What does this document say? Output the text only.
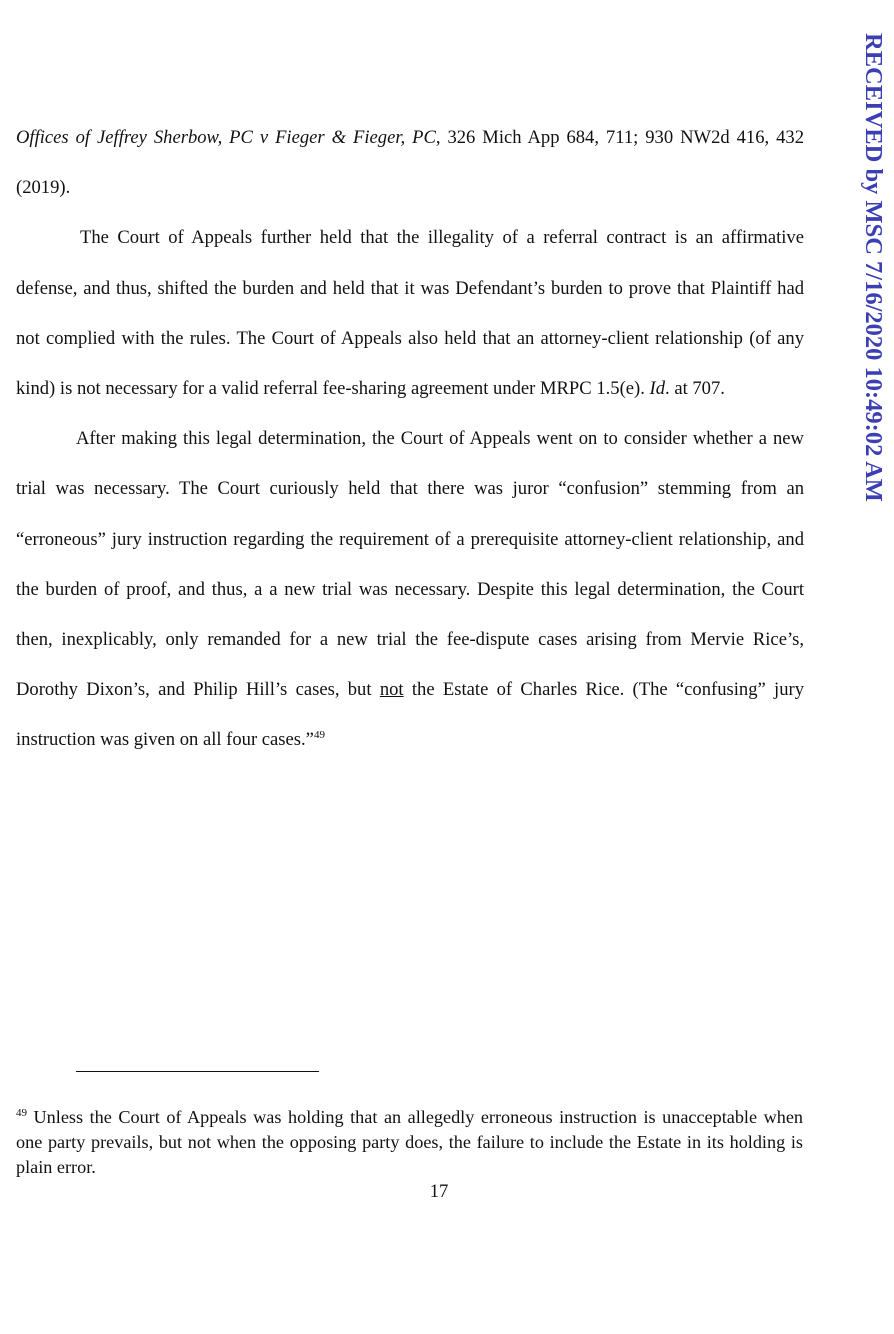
Offices of Jeffrey Sherbow, PC v Fieger & Fieger, PC, 326 Mich App 684, 711; 930 NW2d 416, 432 (2019).

The Court of Appeals further held that the illegality of a referral contract is an affirmative defense, and thus, shifted the burden and held that it was Defendant’s burden to prove that Plaintiff had not complied with the rules. The Court of Appeals also held that an attorney-client relationship (of any kind) is not necessary for a valid referral fee-sharing agreement under MRPC 1.5(e). Id. at 707.

After making this legal determination, the Court of Appeals went on to consider whether a new trial was necessary. The Court curiously held that there was juror “confusion” stemming from an “erroneous” jury instruction regarding the requirement of a prerequisite attorney-client relationship, and the burden of proof, and thus, a a new trial was necessary. Despite this legal determination, the Court then, inexplicably, only remanded for a new trial the fee-dispute cases arising from Mervie Rice’s, Dorothy Dixon’s, and Philip Hill’s cases, but not the Estate of Charles Rice. (The “confusing” jury instruction was given on all four cases.”$^{49}$

$^{49}$ Unless the Court of Appeals was holding that an allegedly erroneous instruction is unacceptable when one party prevails, but not when the opposing party does, the failure to include the Estate in its holding is plain error.

17
RECEIVED by MSC 7/16/2020 10:49:02 AM
